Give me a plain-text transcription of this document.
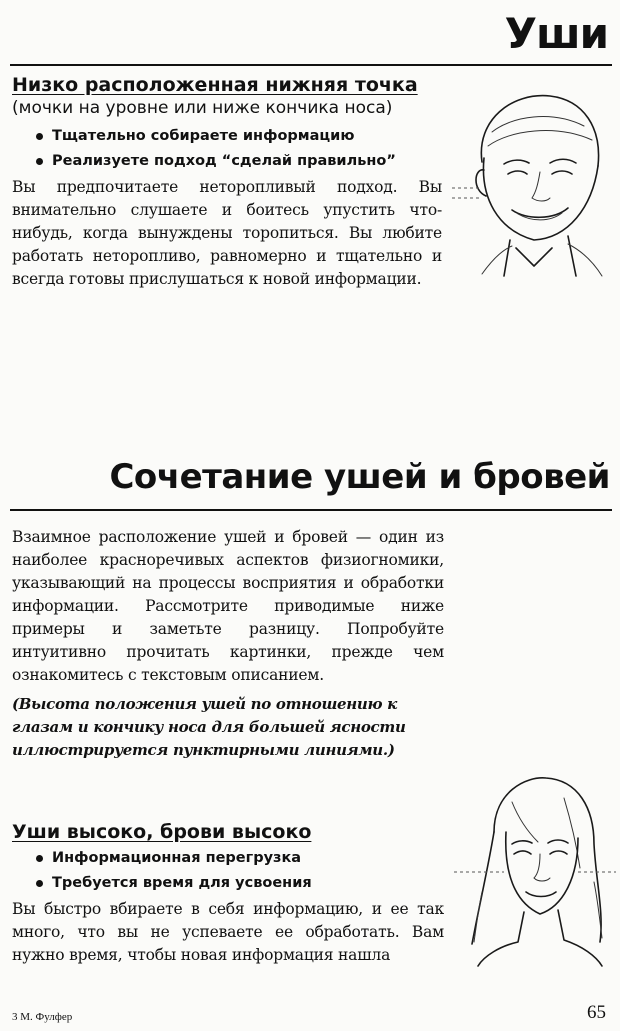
Уши
Низко расположенная нижняя точка

(мочки на уровне или ниже кончика носа)

Тщательно собираете информацию
Реализуете подход “сделай правильно”

Вы предпочитаете неторопливый подход. Вы внимательно слушаете и боитесь упустить что-нибудь, когда вынуждены торопиться. Вы любите работать неторопливо, равномерно и тщательно и всегда готовы прислушаться к новой информации.

Сочетание ушей и бровей

Взаимное расположение ушей и бровей — один из наиболее красноречивых аспектов физиогномики, указывающий на процессы восприятия и обработки информации. Рассмотрите приводимые ниже примеры и заметьте разницу. Попробуйте интуитивно прочитать картинки, прежде чем ознакомитесь с текстовым описанием.

(Высота положения ушей по отношению к глазам и кончику носа для большей ясности иллюстрируется пунктирными линиями.)

Уши высоко, брови высоко
Информационная перегрузка
Требуется время для усвоения

Вы быстро вбираете в себя информацию, и ее так много, что вы не успеваете ее обработать. Вам нужно время, чтобы новая информация нашла

3 М. Фулфер	65
